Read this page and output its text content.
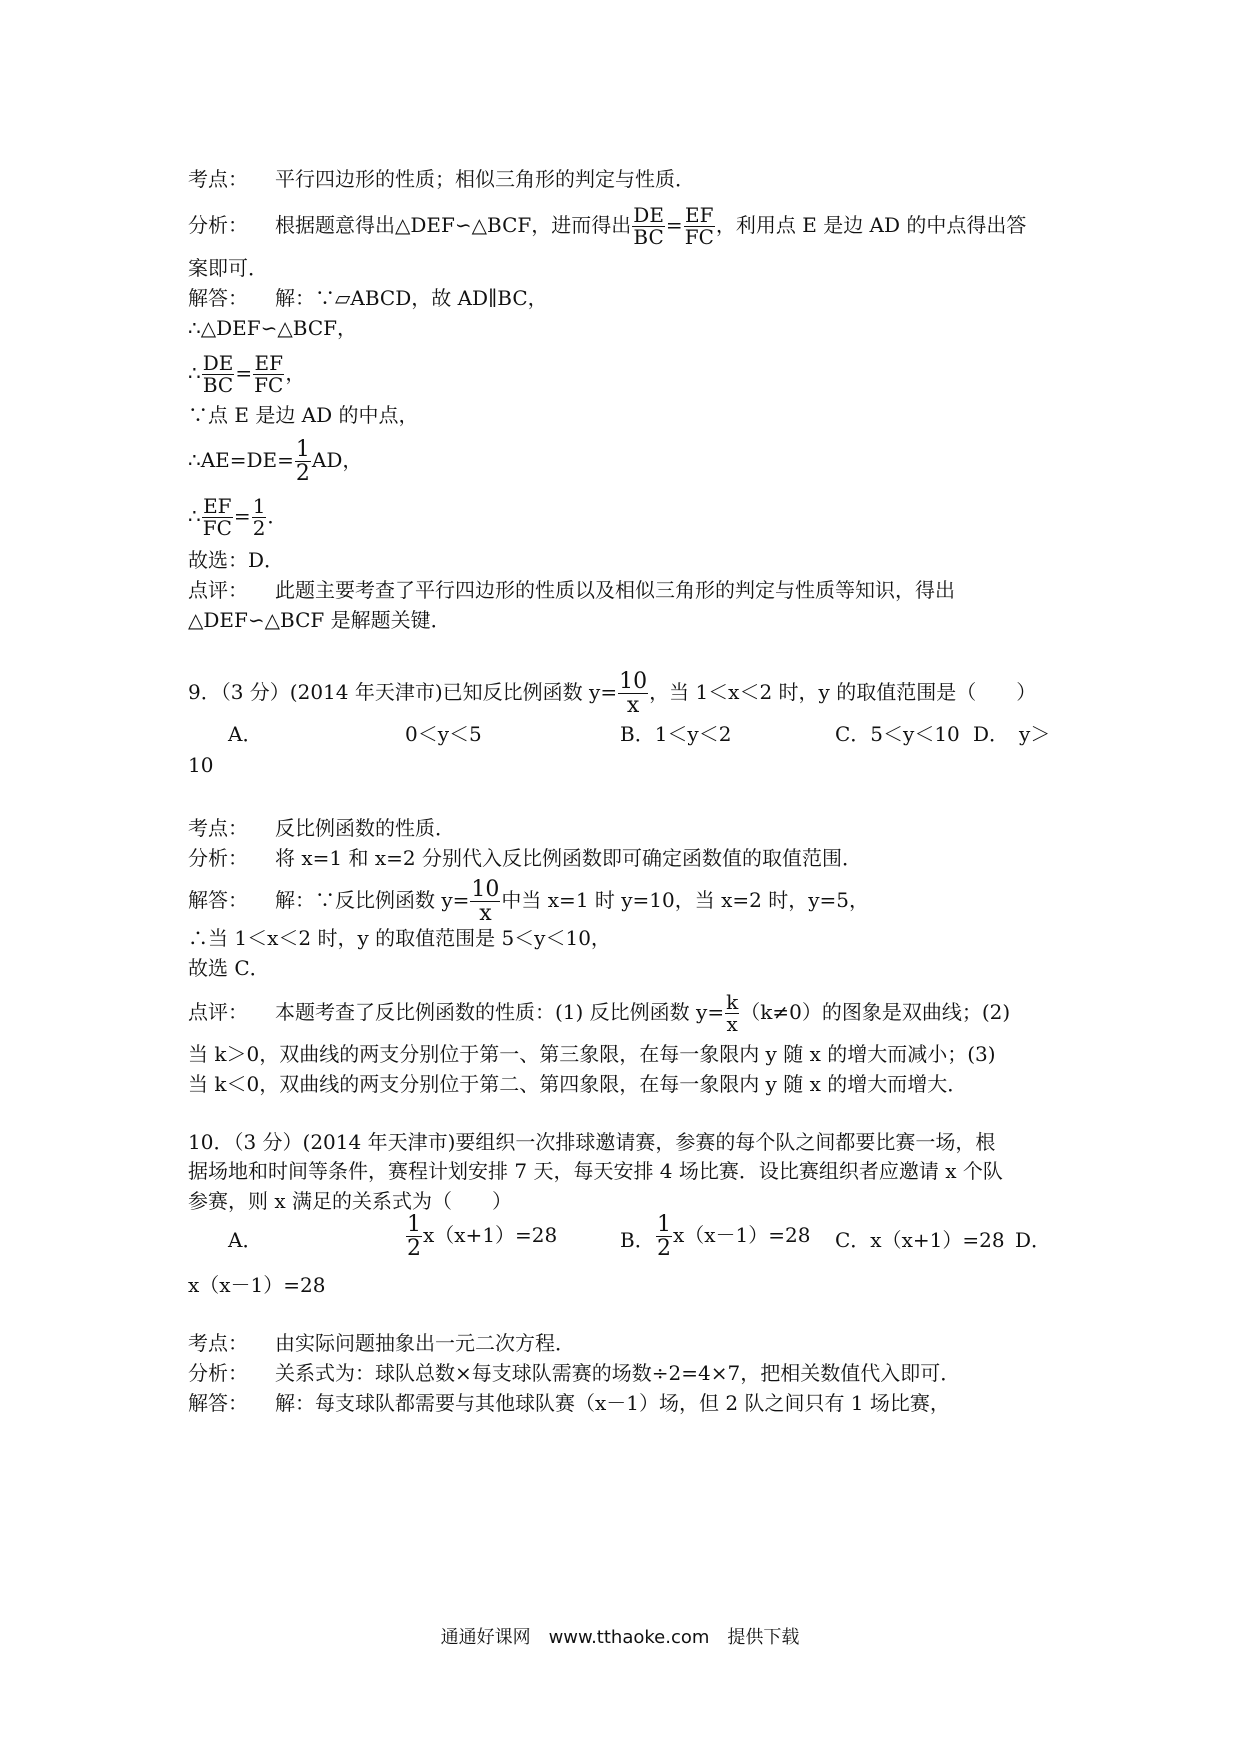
考点： 平行四边形的性质；相似三角形的判定与性质．
分析： 根据题意得出△DEF∽△BCF，进而得出 $\frac{DE}{BC} = \frac{EF}{FC}$ ，利用点 E 是边 AD 的中点得出答
案即可．
解答： 解：∵▱ABCD，故 AD∥BC，
∴△DEF∽△BCF，
∴ $\frac{DE}{BC} = \frac{EF}{FC}$ ，
∵点 E 是边 AD 的中点，
∴AE=DE= $\frac{1}{2}$ AD，
∴ $\frac{EF}{FC} = \frac{1}{2}$ ．
故选：D．
点评： 此题主要考查了平行四边形的性质以及相似三角形的判定与性质等知识，得出
△DEF∽△BCF 是解题关键．
9．（3 分）(2014 年天津市)已知反比例函数 $y= \frac{10}{x}$ ，当 1＜x＜2 时，y 的取值范围是（　　）
A．	0＜y＜5	B．1＜y＜2	C．5＜y＜10 D．　y＞
10
考点： 反比例函数的性质．
分析： 将 x=1 和 x=2 分别代入反比例函数即可确定函数值的取值范围．
解答： 解：∵反比例函数 $y= \frac{10}{x}$ 中当 x=1 时 y=10，当 x=2 时，y=5，
∴当 1＜x＜2 时，y 的取值范围是 5＜y＜10，
故选 C．
点评： 本题考查了反比例函数的性质：(1) 反比例函数 $y= \frac{k}{x} (k\ne 0)$的图象是双曲线；(2)
当 k＞0，双曲线的两支分别位于第一、第三象限，在每一象限内 y 随 x 的增大而减小；(3)
当 k＜0，双曲线的两支分别位于第二、第四象限，在每一象限内 y 随 x 的增大而增大．
10．（3 分）(2014 年天津市)要组织一次排球邀请赛，参赛的每个队之间都要比赛一场，根
据场地和时间等条件，赛程计划安排 7 天，每天安排 4 场比赛．设比赛组织者应邀请 x 个队
参赛，则 x 满足的关系式为（　　）
A．	$\frac{1}{2} x(x+1)=28$	B． $\frac{1}{2} x(x-1)=28$ C．x（x+1）=28 D．
x（x－1）=28
考点： 由实际问题抽象出一元二次方程．
分析： 关系式为：球队总数×每支球队需赛的场数÷2=4×7，把相关数值代入即可．
解答： 解：每支球队都需要与其他球队赛（x－1）场，但 2 队之间只有 1 场比赛，
通通好课网　www.tthaoke.com　提供下载
